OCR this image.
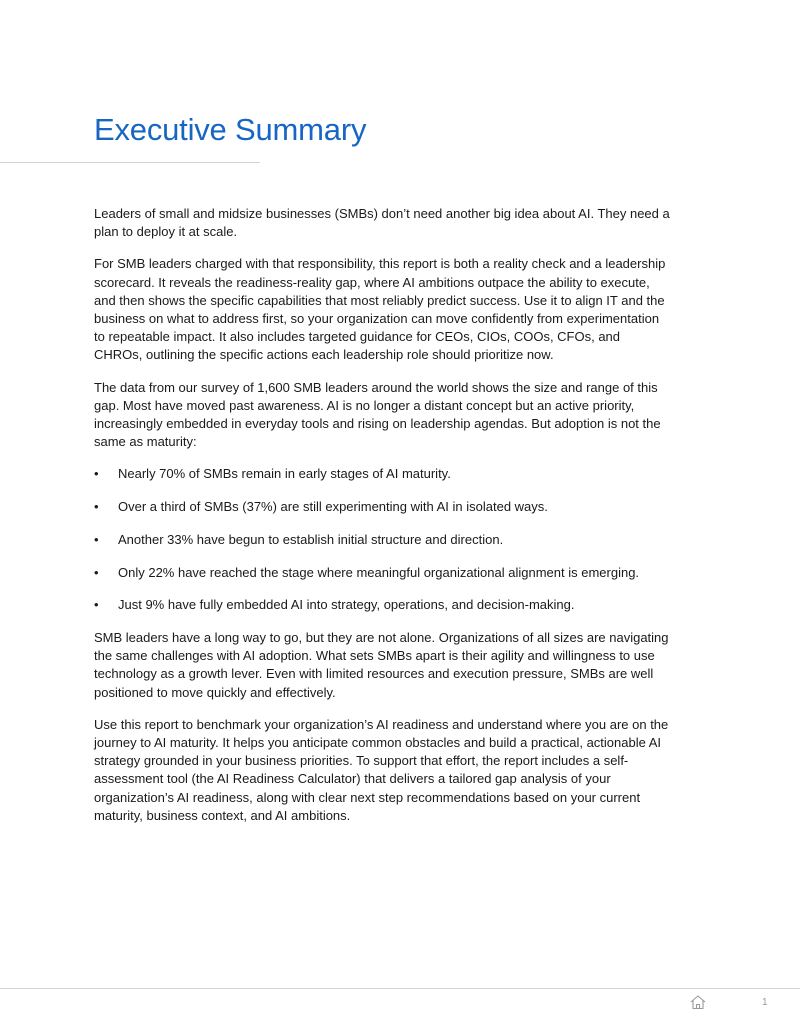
Executive Summary

Leaders of small and midsize businesses (SMBs) don’t need another big idea about AI. They need a plan to deploy it at scale.

For SMB leaders charged with that responsibility, this report is both a reality check and a leadership scorecard. It reveals the readiness-reality gap, where AI ambitions outpace the ability to execute, and then shows the specific capabilities that most reliably predict success. Use it to align IT and the business on what to address first, so your organization can move confidently from experimentation to repeatable impact. It also includes targeted guidance for CEOs, CIOs, COOs, CFOs, and CHROs, outlining the specific actions each leadership role should prioritize now.

The data from our survey of 1,600 SMB leaders around the world shows the size and range of this gap. Most have moved past awareness. AI is no longer a distant concept but an active priority, increasingly embedded in everyday tools and rising on leadership agendas. But adoption is not the same as maturity:

• Nearly 70% of SMBs remain in early stages of AI maturity.
• Over a third of SMBs (37%) are still experimenting with AI in isolated ways.
• Another 33% have begun to establish initial structure and direction.
• Only 22% have reached the stage where meaningful organizational alignment is emerging.
• Just 9% have fully embedded AI into strategy, operations, and decision-making.

SMB leaders have a long way to go, but they are not alone. Organizations of all sizes are navigating the same challenges with AI adoption. What sets SMBs apart is their agility and willingness to use technology as a growth lever. Even with limited resources and execution pressure, SMBs are well positioned to move quickly and effectively.

Use this report to benchmark your organization’s AI readiness and understand where you are on the journey to AI maturity. It helps you anticipate common obstacles and build a practical, actionable AI strategy grounded in your business priorities. To support that effort, the report includes a self-assessment tool (the AI Readiness Calculator) that delivers a tailored gap analysis of your organization’s AI readiness, along with clear next step recommendations based on your current maturity, business context, and AI ambitions.

1
